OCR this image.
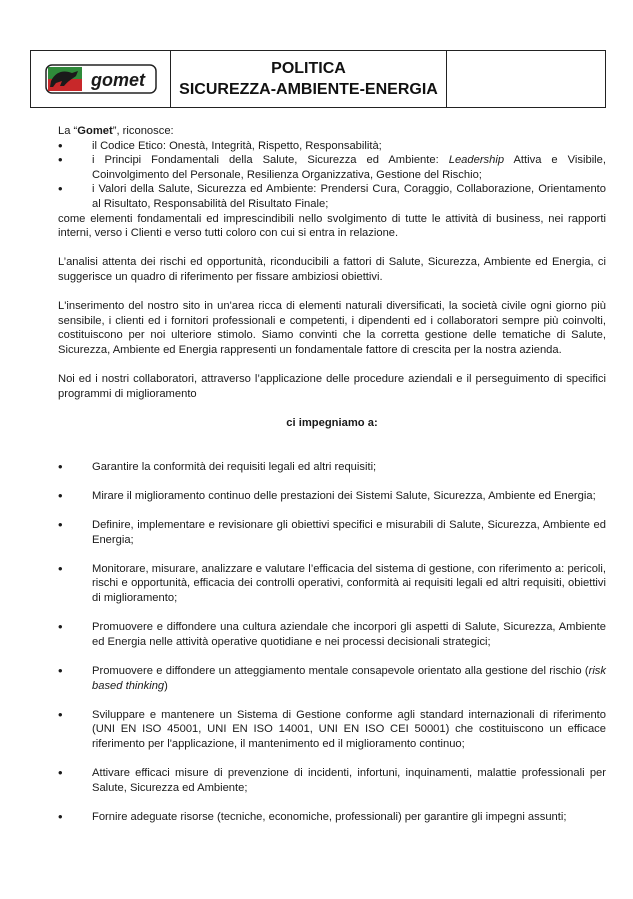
gomet
POLITICA
SICUREZZA-AMBIENTE-ENERGIA

La “Gomet”, riconosce:

• il Codice Etico: Onestà, Integrità, Rispetto, Responsabilità;
• i Principi Fondamentali della Salute, Sicurezza ed Ambiente: Leadership Attiva e Visibile, Coinvolgimento del Personale, Resilienza Organizzativa, Gestione del Rischio;
• i Valori della Salute, Sicurezza ed Ambiente: Prendersi Cura, Coraggio, Collaborazione, Orientamento al Risultato, Responsabilità del Risultato Finale;

come elementi fondamentali ed imprescindibili nello svolgimento di tutte le attività di business, nei rapporti interni, verso i Clienti e verso tutti coloro con cui si entra in relazione.

L’analisi attenta dei rischi ed opportunità, riconducibili a fattori di Salute, Sicurezza, Ambiente ed Energia, ci suggerisce un quadro di riferimento per fissare ambiziosi obiettivi.

L'inserimento del nostro sito in un'area ricca di elementi naturali diversificati, la società civile ogni giorno più sensibile, i clienti ed i fornitori professionali e competenti, i dipendenti ed i collaboratori sempre più coinvolti, costituiscono per noi ulteriore stimolo. Siamo convinti che la corretta gestione delle tematiche di Salute, Sicurezza, Ambiente ed Energia rappresenti un fondamentale fattore di crescita per la nostra azienda.

Noi ed i nostri collaboratori, attraverso l’applicazione delle procedure aziendali e il perseguimento di specifici programmi di miglioramento

ci impegniamo a:

• Garantire la conformità dei requisiti legali ed altri requisiti;
• Mirare il miglioramento continuo delle prestazioni dei Sistemi Salute, Sicurezza, Ambiente ed Energia;
• Definire, implementare e revisionare gli obiettivi specifici e misurabili di Salute, Sicurezza, Ambiente ed Energia;
• Monitorare, misurare, analizzare e valutare l’efficacia del sistema di gestione, con riferimento a: pericoli, rischi e opportunità, efficacia dei controlli operativi, conformità ai requisiti legali ed altri requisiti, obiettivi di miglioramento;
• Promuovere e diffondere una cultura aziendale che incorpori gli aspetti di Salute, Sicurezza, Ambiente ed Energia nelle attività operative quotidiane e nei processi decisionali strategici;
• Promuovere e diffondere un atteggiamento mentale consapevole orientato alla gestione del rischio (risk based thinking)
• Sviluppare e mantenere un Sistema di Gestione conforme agli standard internazionali di riferimento (UNI EN ISO 45001, UNI EN ISO 14001, UNI EN ISO CEI 50001) che costituiscono un efficace riferimento per l'applicazione, il mantenimento ed il miglioramento continuo;
• Attivare efficaci misure di prevenzione di incidenti, infortuni, inquinamenti, malattie professionali per Salute, Sicurezza ed Ambiente;
• Fornire adeguate risorse (tecniche, economiche, professionali) per garantire gli impegni assunti;
